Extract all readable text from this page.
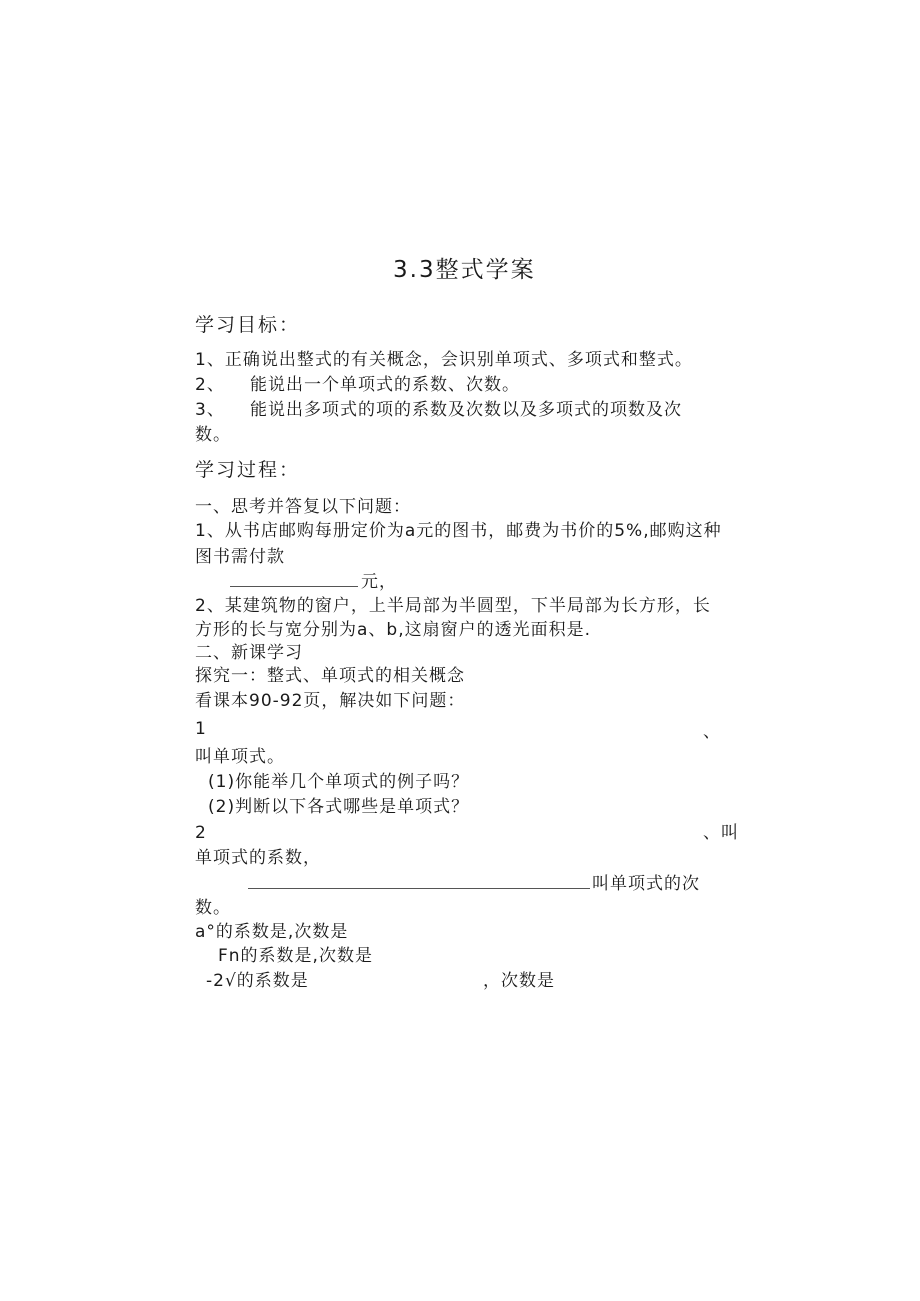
3.3整式学案
学习目标：
1、正确说出整式的有关概念，会识别单项式、多项式和整式。
2、 能说出一个单项式的系数、次数。
3、 能说出多项式的项的系数及次数以及多项式的项数及次
数。
学习过程：
一、思考并答复以下问题：
1、从书店邮购每册定价为a元的图书，邮费为书价的5%,邮购这种
图书需付款
元，
2、某建筑物的窗户，上半局部为半圆型，下半局部为长方形，长
方形的长与宽分别为a、b,这扇窗户的透光面积是.
二、新课学习
探究一：整式、单项式的相关概念
看课本90-92页，解决如下问题：
1	、
叫单项式。
(1)你能举几个单项式的例子吗？
(2)判断以下各式哪些是单项式？
2	、叫
单项式的系数，
叫单项式的次
数。
a°的系数是,次数是
Fn的系数是,次数是
-2√的系数是	，次数是
